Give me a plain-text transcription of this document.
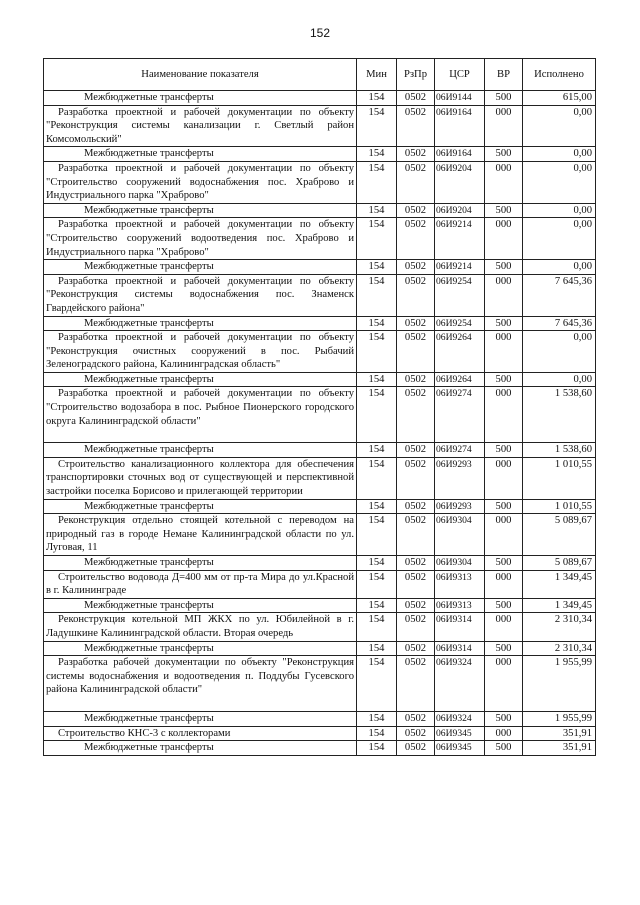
152
Наименование показателя	Мин	РзПр	ЦСР	ВР	Исполнено
Межбюджетные трансферты	154	0502	06И9144	500	615,00
Разработка проектной и рабочей документации по объекту "Реконструкция системы канализации г. Светлый район Комсомольский"	154	0502	06И9164	000	0,00
Межбюджетные трансферты	154	0502	06И9164	500	0,00
Разработка проектной и рабочей документации по объекту "Строительство сооружений водоснабжения пос. Храброво и Индустриального парка "Храброво"	154	0502	06И9204	000	0,00
Межбюджетные трансферты	154	0502	06И9204	500	0,00
Разработка проектной и рабочей документации по объекту "Строительство сооружений водоотведения пос. Храброво и Индустриального парка "Храброво"	154	0502	06И9214	000	0,00
Межбюджетные трансферты	154	0502	06И9214	500	0,00
Разработка проектной и рабочей документации по объекту "Реконструкция системы водоснабжения пос. Знаменск Гвардейского района"	154	0502	06И9254	000	7 645,36
Межбюджетные трансферты	154	0502	06И9254	500	7 645,36
Разработка проектной и рабочей документации по объекту "Реконструкция очистных сооружений в пос. Рыбачий Зеленоградского района, Калининградская область"	154	0502	06И9264	000	0,00
Межбюджетные трансферты	154	0502	06И9264	500	0,00
Разработка проектной и рабочей документации по объекту "Строительство водозабора в пос. Рыбное Пионерского городского округа Калининградской области"	154	0502	06И9274	000	1 538,60
Межбюджетные трансферты	154	0502	06И9274	500	1 538,60
Строительство канализационного коллектора для обеспечения транспортировки сточных вод от существующей и перспективной застройки поселка Борисово и прилегающей территории	154	0502	06И9293	000	1 010,55
Межбюджетные трансферты	154	0502	06И9293	500	1 010,55
Реконструкция отдельно стоящей котельной с переводом на природный газ в городе Немане Калининградской области по ул. Луговая, 11	154	0502	06И9304	000	5 089,67
Межбюджетные трансферты	154	0502	06И9304	500	5 089,67
Строительство водовода Д=400 мм от пр-та Мира до ул.Красной в г. Калининграде	154	0502	06И9313	000	1 349,45
Межбюджетные трансферты	154	0502	06И9313	500	1 349,45
Реконструкция котельной МП ЖКХ по ул. Юбилейной в г. Ладушкине Калининградской области. Вторая очередь	154	0502	06И9314	000	2 310,34
Межбюджетные трансферты	154	0502	06И9314	500	2 310,34
Разработка рабочей документации по объекту "Реконструкция системы водоснабжения и водоотведения п. Поддубы Гусевского района Калининградской области"	154	0502	06И9324	000	1 955,99
Межбюджетные трансферты	154	0502	06И9324	500	1 955,99
Строительство КНС-3 с коллекторами	154	0502	06И9345	000	351,91
Межбюджетные трансферты	154	0502	06И9345	500	351,91
